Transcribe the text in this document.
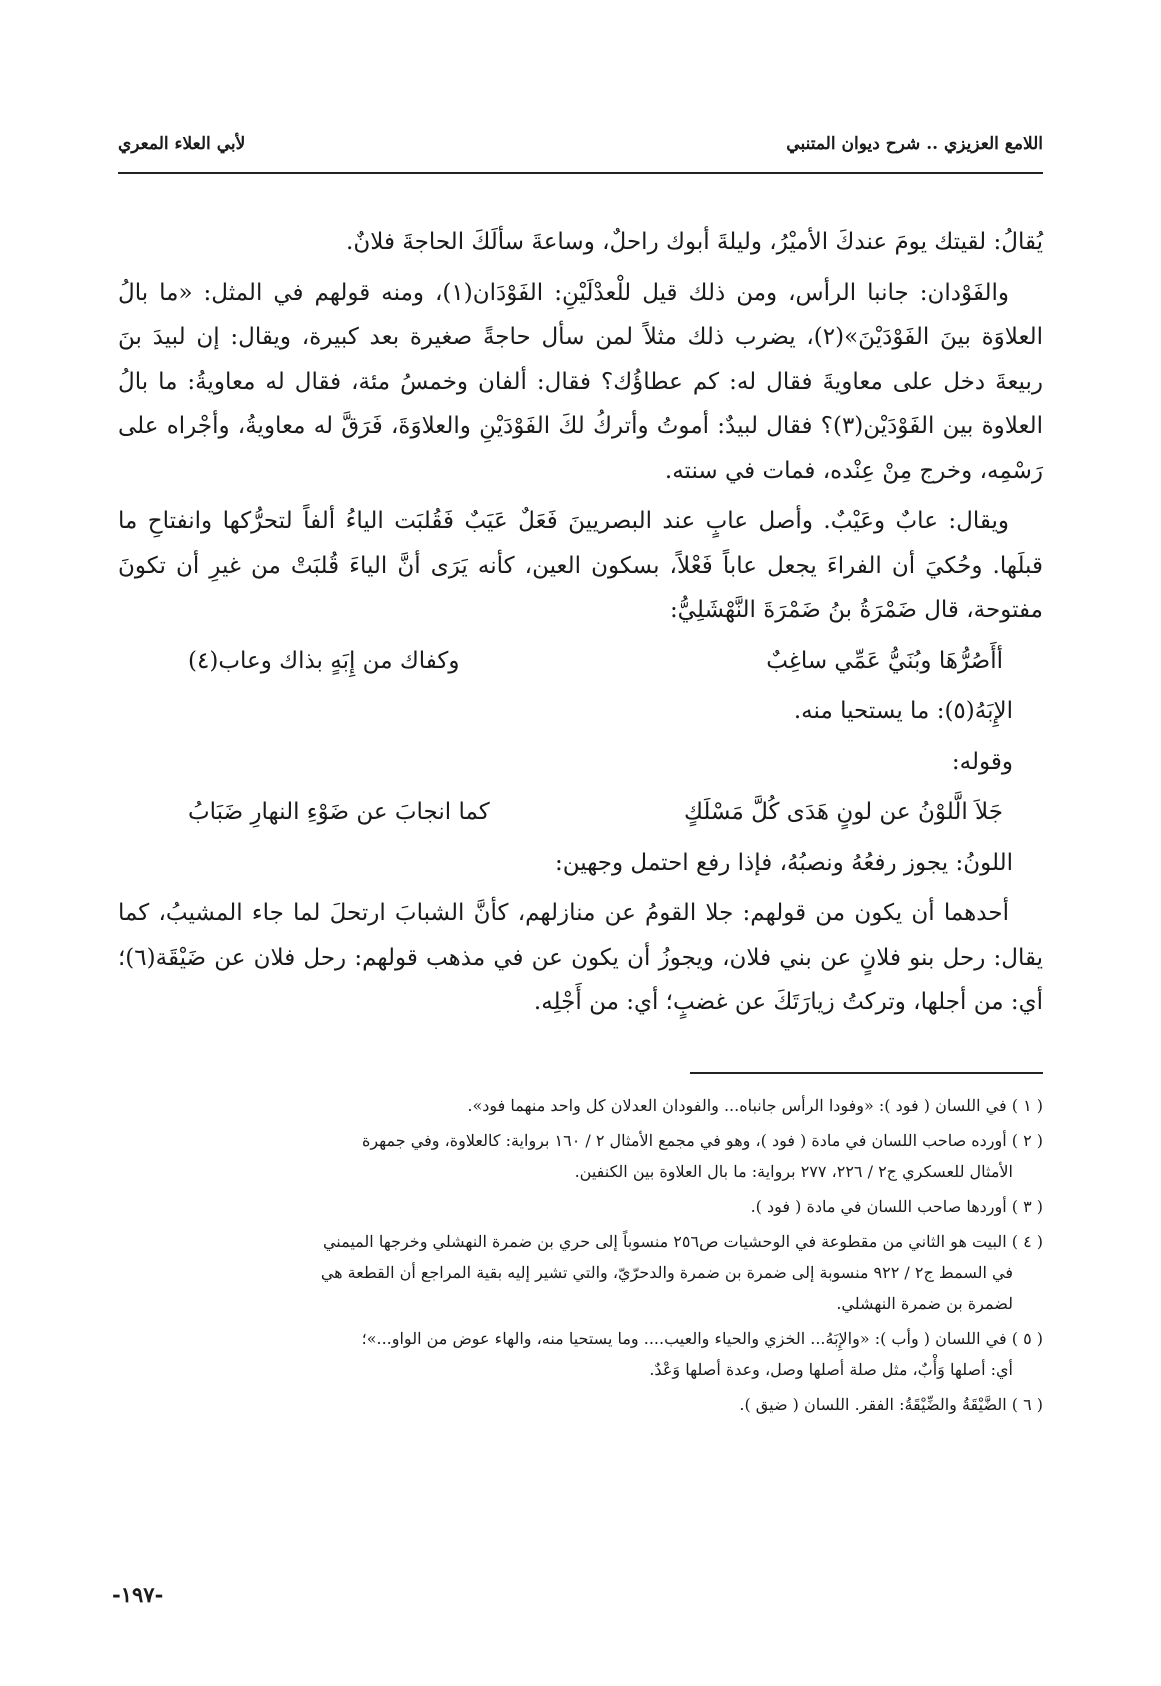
اللامع العزيزي .. شرح ديوان المتنبي
لأبي العلاء المعري

يُقالُ: لقيتك يومَ عندكَ الأميْرُ، وليلةَ أبوك راحلٌ، وساعةَ سألَكَ الحاجةَ فلانٌ.

والفَوْدان: جانبا الرأس، ومن ذلك قيل للْعدْلَيْنِ: الفَوْدَان(١)، ومنه قولهم في المثل: «ما بالُ العلاوَة بينَ الفَوْدَيْنَ»(٢)، يضرب ذلك مثلاً لمن سأل حاجةً صغيرة بعد كبيرة، ويقال: إن لبيدَ بنَ ربيعةَ دخل على معاويةَ فقال له: كم عطاؤُك؟ فقال: ألفان وخمسُ مئة، فقال له معاويةُ: ما بالُ العلاوة بين الفَوْدَيْن(٣)؟ فقال لبيدٌ: أموتُ وأتركُ لكَ الفَوْدَيْنِ والعلاوَةَ، فَرَقَّ له معاويةُ، وأجْراه على رَسْمِه، وخرج مِنْ عِنْده، فمات في سنته.

ويقال: عابٌ وعَيْبٌ. وأصل عابٍ عند البصريينَ فَعَلٌ عَيَبٌ فَقُلبَت الياءُ ألفاً لتحرُّكها وانفتاحِ ما قبلَها. وحُكيَ أن الفراءَ يجعل عاباً فَعْلاً، بسكون العين، كأنه يَرَى أنَّ الياءَ قُلبَتْ من غيرِ أن تكونَ مفتوحة، قال ضَمْرَةُ بنُ ضَمْرَةَ النَّهْشَلِيُّ:

أأَصُرُّهَا وبُنَيُّ عَمِّي ساغِبٌ
وكفاك من إِبَهٍ بذاك وعاب(٤)

الإِبَهُ(٥): ما يستحيا منه.

وقوله:

جَلاَ الَّلوْنُ عن لونٍ هَدَى كُلَّ مَسْلَكٍ
كما انجابَ عن ضَوْءِ النهارِ ضَبَابُ

اللونُ: يجوز رفعُهُ ونصبُهُ، فإذا رفع احتمل وجهين:

أحدهما أن يكون من قولهم: جلا القومُ عن منازلهم، كأنَّ الشبابَ ارتحلَ لما جاء المشيبُ، كما يقال: رحل بنو فلانٍ عن بني فلان، ويجوزُ أن يكون عن في مذهب قولهم: رحل فلان عن ضَيْقَة(٦)؛ أي: من أجلها، وتركتُ زيارَتَكَ عن غضبٍ؛ أي: من أَجْلِه.

( ١ ) في اللسان ( فود ): «وفودا الرأس جانباه... والفودان العدلان كل واحد منهما فود».
( ٢ ) أورده صاحب اللسان في مادة ( فود )، وهو في مجمع الأمثال ٢ / ١٦٠ برواية: كالعلاوة، وفي جمهرة
الأمثال للعسكري ج٢ / ٢٢٦، ٢٧٧ برواية: ما بال العلاوة بين الكنفين.
( ٣ ) أوردها صاحب اللسان في مادة ( فود ).
( ٤ ) البيت هو الثاني من مقطوعة في الوحشيات ص٢٥٦ منسوباً إلى حري بن ضمرة النهشلي وخرجها الميمني
في السمط ج٢ / ٩٢٢ منسوبة إلى ضمرة بن ضمرة والدحرّيّ، والتي تشير إليه بقية المراجع أن القطعة هي
لضمرة بن ضمرة النهشلي.
( ٥ ) في اللسان ( وأب ): «والإِبَهُ... الخزي والحياء والعيب.... وما يستحيا منه، والهاء عوض من الواو...»؛
أي: أصلها وَأْبٌ، مثل صلة أصلها وصل، وعدة أصلها وَعْدٌ.
( ٦ ) الضَّيْقَةُ والضِّيْقَةُ: الفقر. اللسان ( ضيق ).
-١٩٧-
